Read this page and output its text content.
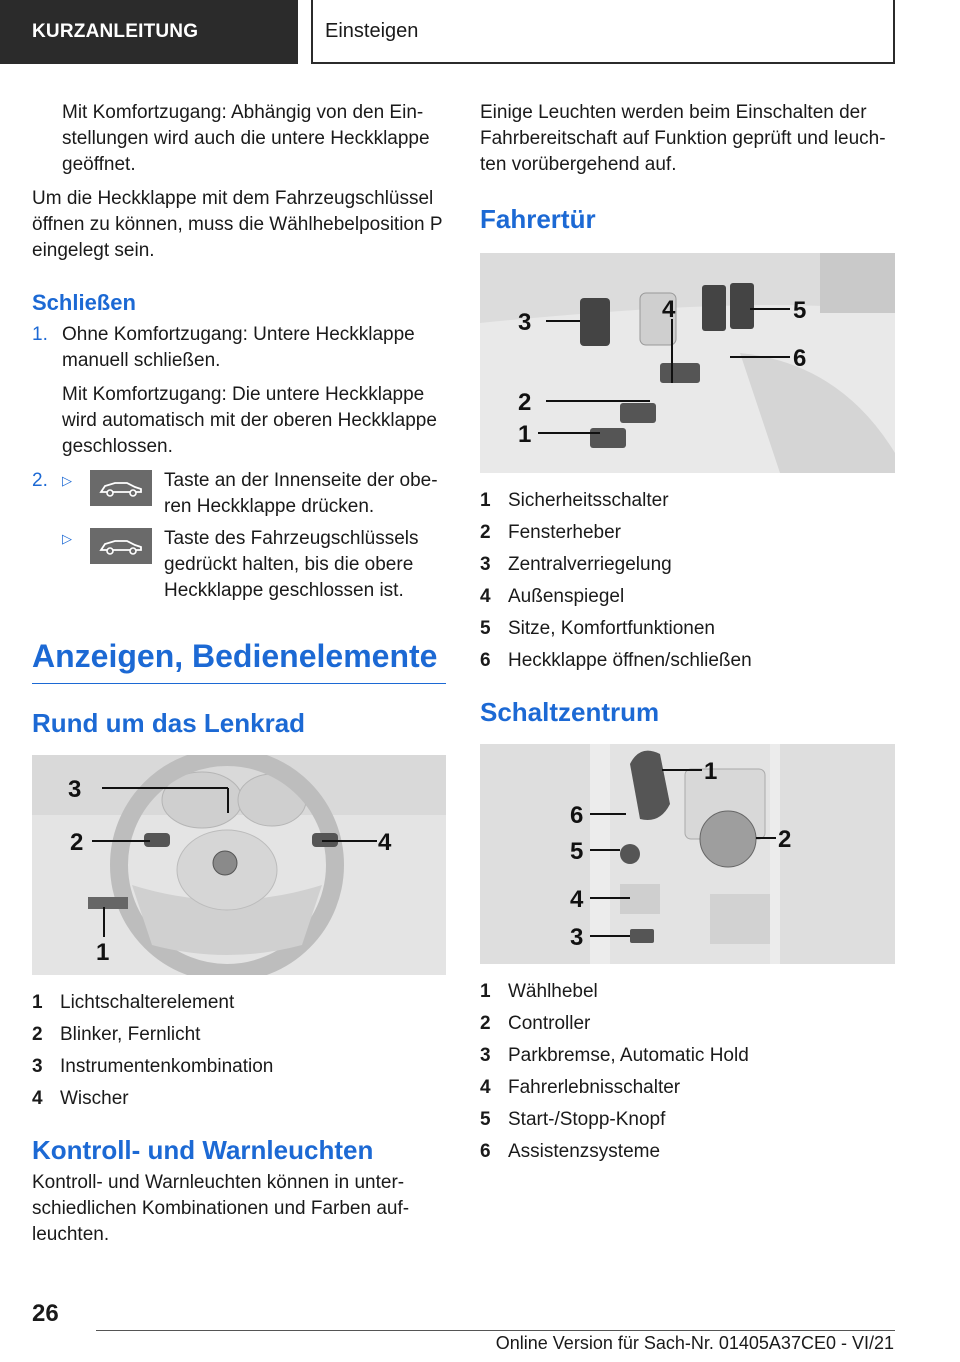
KURZANLEITUNG	Einsteigen

Mit Komfortzugang: Abhängig von den Ein-stellungen wird auch die untere Heckklappe geöffnet.

Um die Heckklappe mit dem Fahrzeugschlüssel öffnen zu können, muss die Wählhebelposition P eingelegt sein.

Schließen
1. Ohne Komfortzugang: Untere Heckklappe manuell schließen.

Mit Komfortzugang: Die untere Heckklappe wird automatisch mit der oberen Heckklappe geschlossen.

2.	▷	Taste an der Innenseite der obe-ren Heckklappe drücken.

▷	Taste des Fahrzeugschlüssels gedrückt halten, bis die obere Heckklappe geschlossen ist.

Anzeigen, Bedienelemente
Rund um das Lenkrad
3
2	4
1
1 Lichtschalterelement
2 Blinker, Fernlicht
3 Instrumentenkombination
4 Wischer
Kontroll- und Warnleuchten

Kontroll- und Warnleuchten können in unter-schiedlichen Kombinationen und Farben auf-leuchten.

Einige Leuchten werden beim Einschalten der Fahrbereitschaft auf Funktion geprüft und leuch-ten vorübergehend auf.

Fahrertür
3	4	5
6
2
1
1 Sicherheitsschalter
2 Fensterheber
3 Zentralverriegelung
4 Außenspiegel
5 Sitze, Komfortfunktionen
6 Heckklappe öffnen/schließen
Schaltzentrum
1
2
6
5
4
3
1 Wählhebel
2 Controller
3 Parkbremse, Automatic Hold
4 Fahrerlebnisschalter
5 Start-/Stopp-Knopf
6 Assistenzsysteme
26
Online Version für Sach-Nr. 01405A37CE0 - VI/21
